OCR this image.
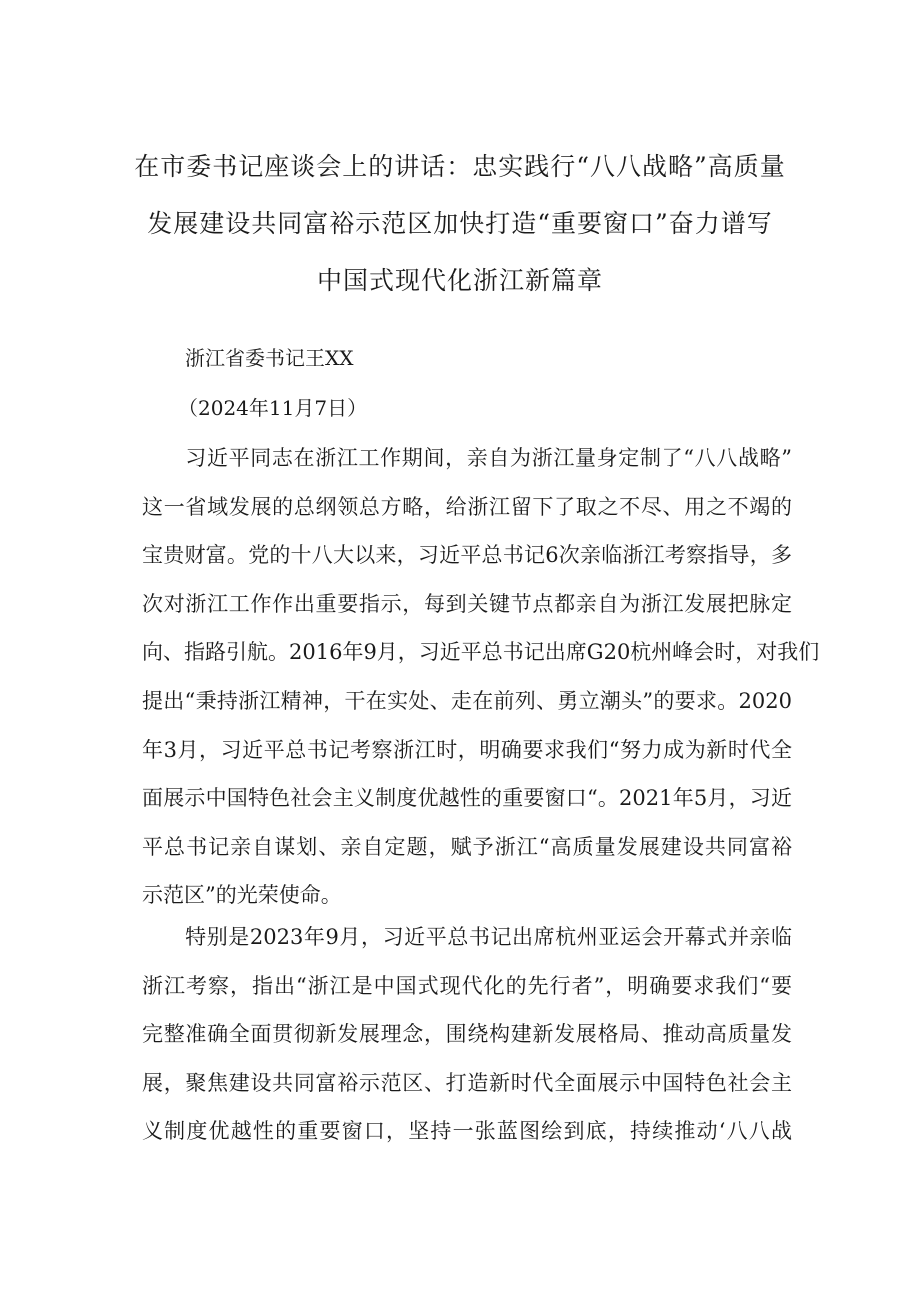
在市委书记座谈会上的讲话：忠实践行“八八战略”高质量
发展建设共同富裕示范区加快打造“重要窗口”奋力谱写
中国式现代化浙江新篇章
浙江省委书记王XX
（2024年11月7日）
　　习近平同志在浙江工作期间，亲自为浙江量身定制了“八八战略”
这一省域发展的总纲领总方略，给浙江留下了取之不尽、用之不竭的
宝贵财富。党的十八大以来，习近平总书记6次亲临浙江考察指导，多
次对浙江工作作出重要指示，每到关键节点都亲自为浙江发展把脉定
向、指路引航。2016年9月，习近平总书记出席G20杭州峰会时，对我们
提出“秉持浙江精神，干在实处、走在前列、勇立潮头”的要求。2020
年3月，习近平总书记考察浙江时，明确要求我们“努力成为新时代全
面展示中国特色社会主义制度优越性的重要窗口“。2021年5月，习近
平总书记亲自谋划、亲自定题，赋予浙江“高质量发展建设共同富裕
示范区”的光荣使命。
　　特别是2023年9月，习近平总书记出席杭州亚运会开幕式并亲临
浙江考察，指出“浙江是中国式现代化的先行者”，明确要求我们“要
完整准确全面贯彻新发展理念，围绕构建新发展格局、推动高质量发
展，聚焦建设共同富裕示范区、打造新时代全面展示中国特色社会主
义制度优越性的重要窗口，坚持一张蓝图绘到底，持续推动‘八八战
